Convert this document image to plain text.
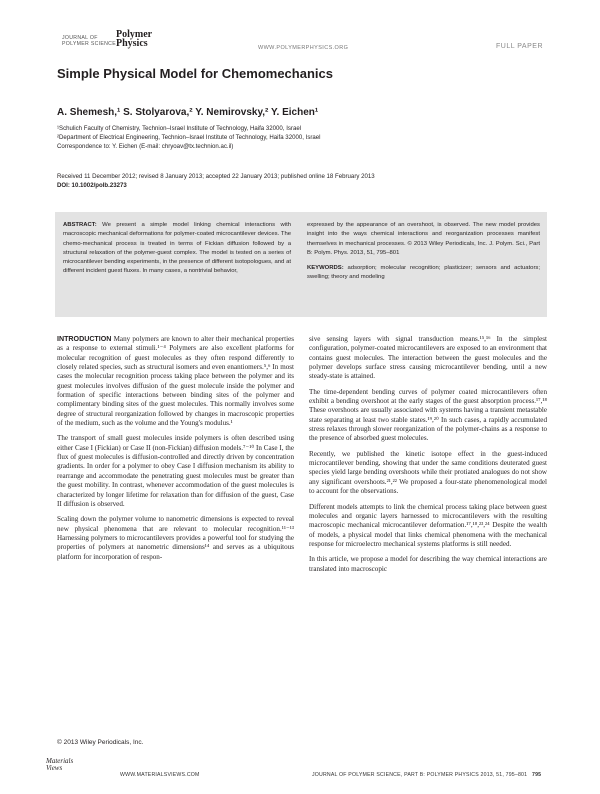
JOURNAL OF
POLYMER SCIENCE
Polymer
Physics	WWW.POLYMERPHYSICS.ORG	FULL PAPER
Simple Physical Model for Chemomechanics
A. Shemesh,¹ S. Stolyarova,² Y. Nemirovsky,² Y. Eichen¹
¹Schulich Faculty of Chemistry, Technion–Israel Institute of Technology, Haifa 32000, Israel
²Department of Electrical Engineering, Technion–Israel Institute of Technology, Haifa 32000, Israel
Correspondence to: Y. Eichen (E-mail: chryoav@tx.technion.ac.il)
Received 11 December 2012; revised 8 January 2013; accepted 22 January 2013; published online 18 February 2013
DOI: 10.1002/polb.23273
ABSTRACT: We present a simple model linking chemical interactions with macroscopic mechanical deformations for polymer-coated microcantilever devices. The chemo-mechanical process is treated in terms of Fickian diffusion followed by a structural relaxation of the polymer-guest complex. The model is tested on a series of microcantilever bending experiments, in the presence of different isotopologues, and at different incident guest fluxes. In many cases, a nontrivial behavior,
expressed by the appearance of an overshoot, is observed. The new model provides insight into the ways chemical interactions and reorganization processes manifest themselves in mechanical processes. © 2013 Wiley Periodicals, Inc. J. Polym. Sci., Part B: Polym. Phys. 2013, 51, 795–801
KEYWORDS: adsorption; molecular recognition; plasticizer; sensors and actuators; swelling; theory and modeling

INTRODUCTION Many polymers are known to alter their mechanical properties as a response to external stimuli.¹⁻⁴ Polymers are also excellent platforms for molecular recognition of guest molecules as they often respond differently to closely related species, such as structural isomers and even enantiomers.⁵,⁶ In most cases the molecular recognition process taking place between the polymer and its guest molecules involves diffusion of the guest molecule inside the polymer and formation of specific interactions between binding sites of the polymer and complimentary binding sites of the guest molecules. This normally involves some degree of structural reorganization followed by changes in macroscopic properties of the medium, such as the volume and the Young's modulus.¹

The transport of small guest molecules inside polymers is often described using either Case I (Fickian) or Case II (non-Fickian) diffusion models.⁷⁻¹⁰ In Case I, the flux of guest molecules is diffusion-controlled and directly driven by concentration gradients. In order for a polymer to obey Case I diffusion mechanism its ability to rearrange and accommodate the penetrating guest molecules must be greater than the guest mobility. In contrast, whenever accommodation of the guest molecules is characterized by longer lifetime for relaxation than for diffusion of the guest, Case II diffusion is observed.

Scaling down the polymer volume to nanometric dimensions is expected to reveal new physical phenomena that are relevant to molecular recognition.¹¹⁻¹³ Harnessing polymers to microcantilevers provides a powerful tool for studying the properties of polymers at nanometric dimensions¹⁴ and serves as a ubiquitous platform for incorporation of respon-

sive sensing layers with signal transduction means.¹⁵,¹⁶ In the simplest configuration, polymer-coated microcantilevers are exposed to an environment that contains guest molecules. The interaction between the guest molecules and the polymer develops surface stress causing microcantilever bending, until a new steady-state is attained.

The time-dependent bending curves of polymer coated microcantilevers often exhibit a bending overshoot at the early stages of the guest absorption process.¹⁷,¹⁸ These overshoots are usually associated with systems having a transient metastable state separating at least two stable states.¹⁹,²⁰ In such cases, a rapidly accumulated stress relaxes through slower reorganization of the polymer-chains as a response to the presence of absorbed guest molecules.

Recently, we published the kinetic isotope effect in the guest-induced microcantilever bending, showing that under the same conditions deuterated guest species yield large bending overshoots while their protiated analogues do not show any significant overshoots.²¹,²² We proposed a four-state phenomenological model to account for the observations.

Different models attempts to link the chemical process taking place between guest molecules and organic layers harnessed to microcantilevers with the resulting macroscopic mechanical microcantilever deformation.¹⁷,¹⁸,²³,²⁴ Despite the wealth of models, a physical model that links chemical phenomena with the mechanical response for microelectro mechanical systems platforms is still needed.

In this article, we propose a model for describing the way chemical interactions are translated into macroscopic

© 2013 Wiley Periodicals, Inc.
Materials Views
WWW.MATERIALSVIEWS.COM	JOURNAL OF POLYMER SCIENCE, PART B: POLYMER PHYSICS 2013, 51, 795–801 795
